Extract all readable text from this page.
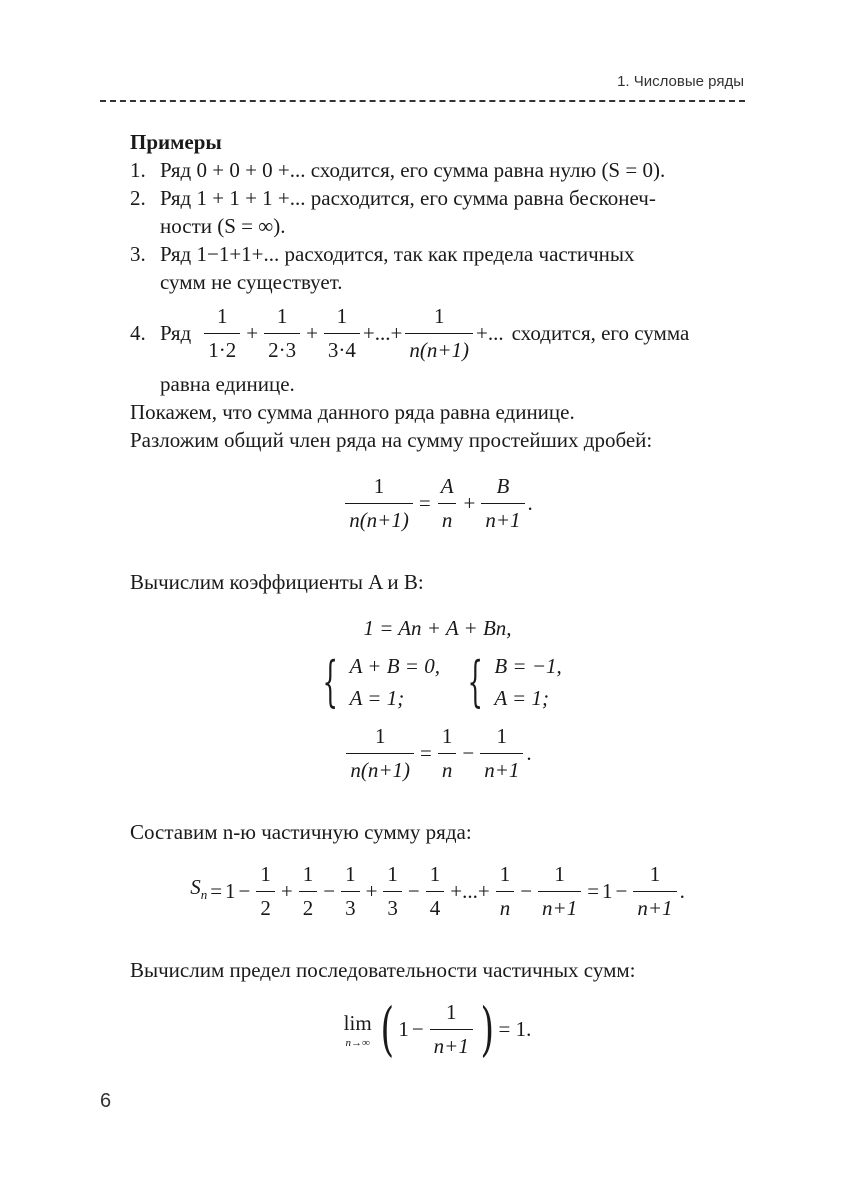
1. Числовые ряды

Примеры

1. Ряд 0 + 0 + 0 +... сходится, его сумма равна нулю (S = 0).
2. Ряд 1 + 1 + 1 +... расходится, его сумма равна бесконеч-
ности (S = ∞).
3. Ряд 1−1+1+... расходится, так как предела частичных
сумм не существует.
4. Ряд $\frac{1}{1\cdot 2} + \frac{1}{2\cdot 3} + \frac{1}{3\cdot 4}$ +...+ $\frac{1}{n(n+1)}$ +... сходится, его сумма

равна единице.

Покажем, что сумма данного ряда равна единице.

Разложим общий член ряда на сумму простейших дробей:

$\frac{1}{n(n+1)} = \frac{A}{n} + \frac{B}{n+1}$ .

Вычислим коэффициенты A и B:

1 = An + A + Bn,
{ A + B = 0,
A = 1;	{ B = −1,
A = 1;
$\frac{1}{n(n+1)} = \frac{1}{n} - \frac{1}{n+1}$ .

Составим n-ю частичную сумму ряда:

$S_n = 1 - \frac{1}{2} + \frac{1}{2} - \frac{1}{3} + \frac{1}{3} - \frac{1}{4}$ +...+ $\frac{1}{n} - \frac{1}{n+1} = 1 - \frac{1}{n+1}$ .

Вычислим предел последовательности частичных сумм:

lim
n→∞ ( $1 - \frac{1}{n+1}$ ) = 1.
6
